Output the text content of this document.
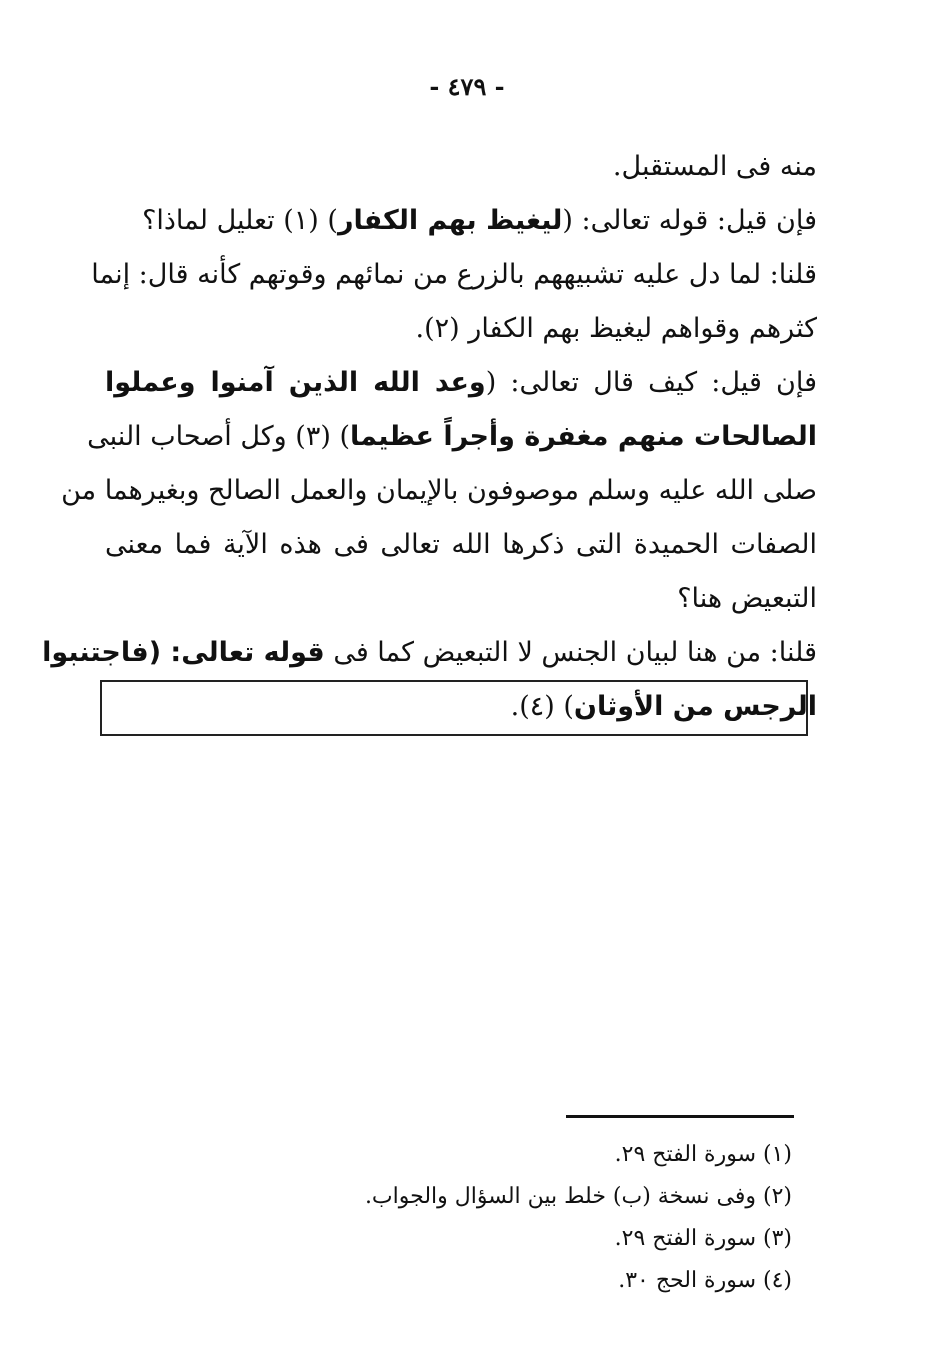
- ٤٧٩ -
منه فى المستقبل.
فإن قيل: قوله تعالى: (ليغيظ بهم الكفار) (١) تعليل لماذا؟
قلنا: لما دل عليه تشبيههم بالزرع من نمائهم وقوتهم كأنه قال: إنما
كثرهم وقواهم ليغيظ بهم الكفار (٢).
فإن قيل: كيف قال تعالى: (وعد الله الذين آمنوا وعملوا
الصالحات منهم مغفرة وأجراً عظيما) (٣) وكل أصحاب النبى
صلى الله عليه وسلم موصوفون بالإيمان والعمل الصالح وبغيرهما من
الصفات الحميدة التى ذكرها الله تعالى فى هذه الآية فما معنى
التبعيض هنا؟
قلنا: من هنا لبيان الجنس لا التبعيض كما فى قوله تعالى: (فاجتنبوا
الرجس من الأوثان) (٤).
(١) سورة الفتح ٢٩.
(٢) وفى نسخة (ب) خلط بين السؤال والجواب.
(٣) سورة الفتح ٢٩.
(٤) سورة الحج ٣٠.
